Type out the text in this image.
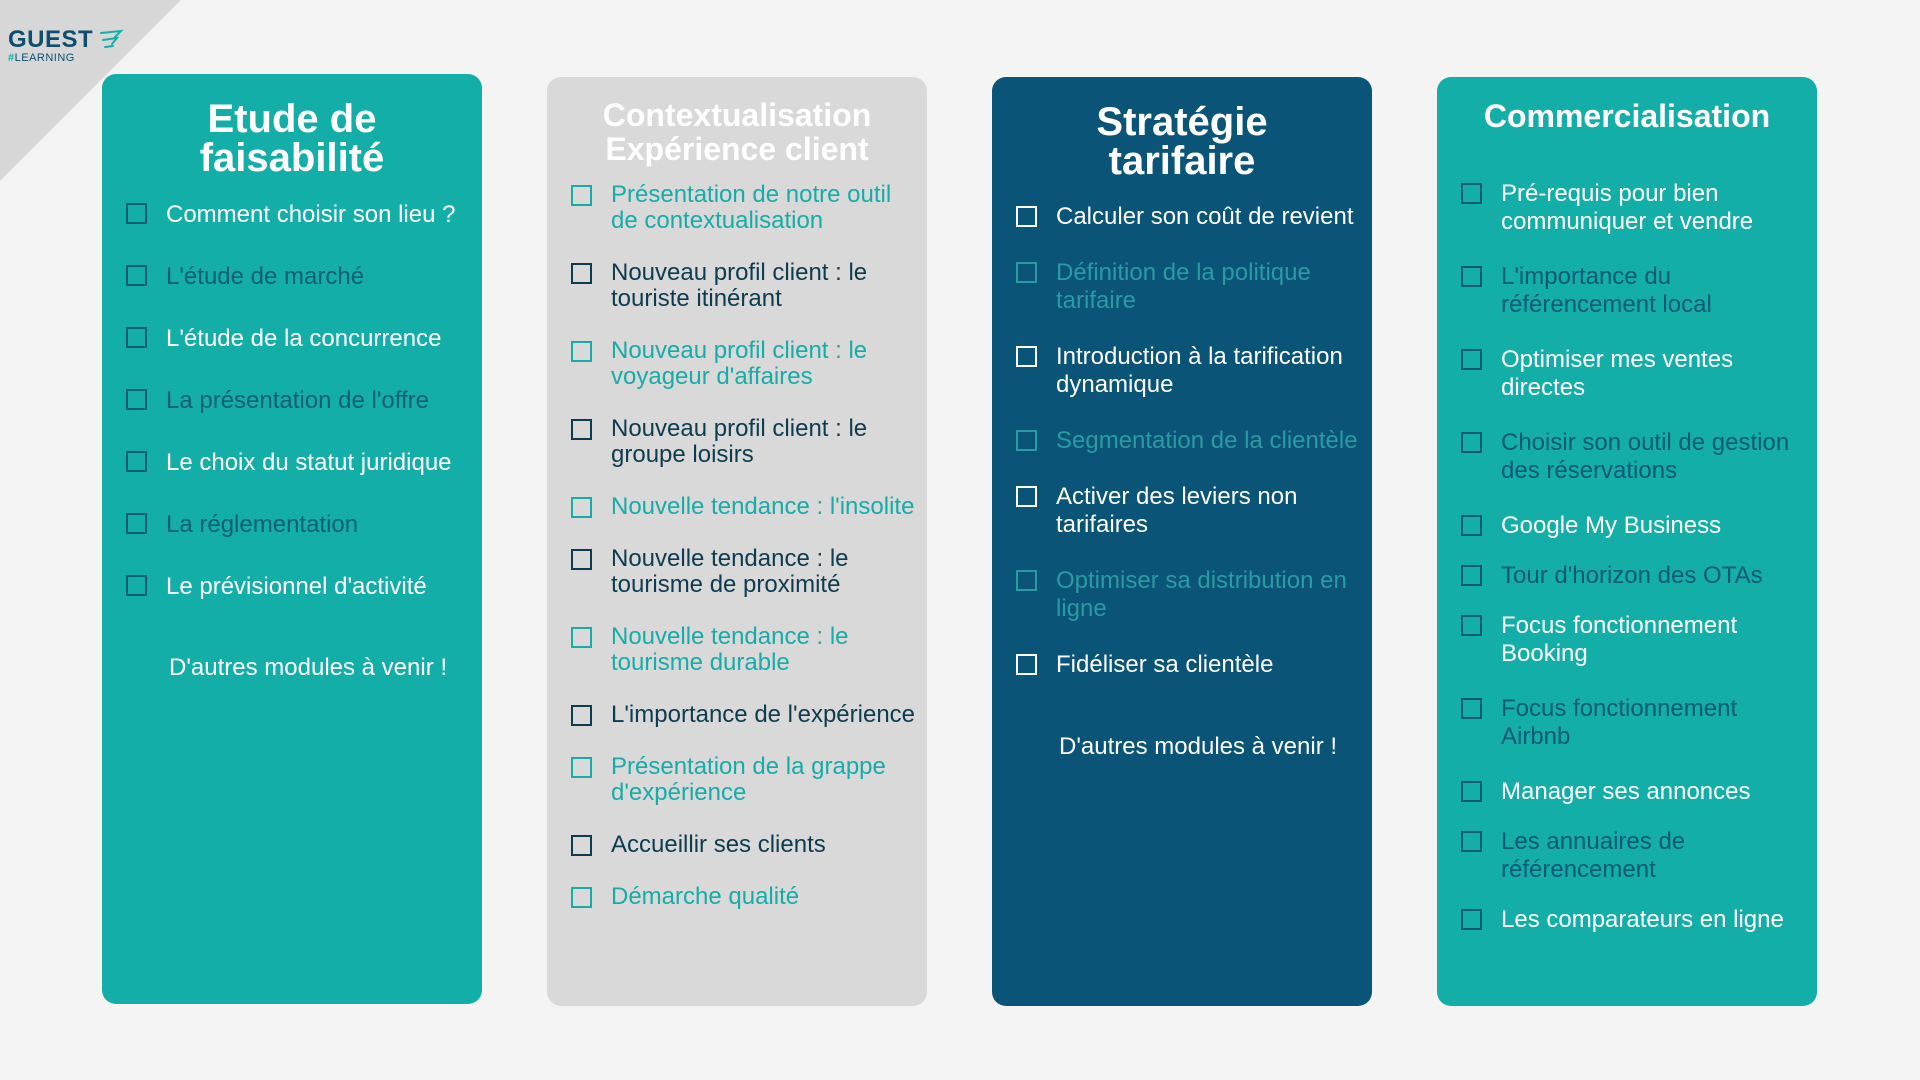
GUEST
#LEARNING
Etude de
faisabilité
Comment choisir son lieu ?
L'étude de marché
L'étude de la concurrence
La présentation de l'offre
Le choix du statut juridique
La réglementation
Le prévisionnel d'activité
D'autres modules à venir !
Contextualisation
Expérience client
Présentation de notre outil de contextualisation
Nouveau profil client : le touriste itinérant
Nouveau profil client : le voyageur d'affaires
Nouveau profil client : le groupe loisirs
Nouvelle tendance : l'insolite
Nouvelle tendance : le tourisme de proximité
Nouvelle tendance : le tourisme durable
L'importance de l'expérience
Présentation de la grappe d'expérience
Accueillir ses clients
Démarche qualité
Stratégie
tarifaire
Calculer son coût de revient
Définition de la politique tarifaire
Introduction à la tarification dynamique
Segmentation de la clientèle
Activer des leviers non tarifaires
Optimiser sa distribution en ligne
Fidéliser sa clientèle
D'autres modules à venir !
Commercialisation
Pré-requis pour bien communiquer et vendre
L'importance du référencement local
Optimiser mes ventes directes
Choisir son outil de gestion des réservations
Google My Business
Tour d'horizon des OTAs
Focus fonctionnement Booking
Focus fonctionnement Airbnb
Manager ses annonces
Les annuaires de référencement
Les comparateurs en ligne
